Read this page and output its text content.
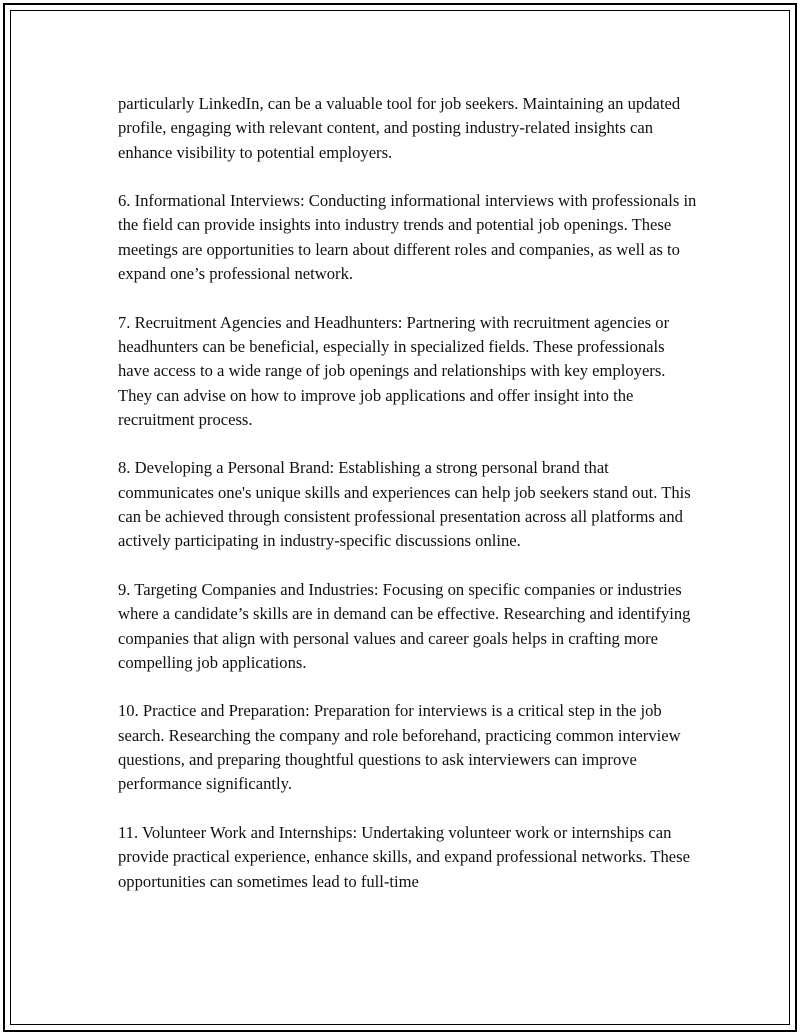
particularly LinkedIn, can be a valuable tool for job seekers. Maintaining an updated profile, engaging with relevant content, and posting industry-related insights can enhance visibility to potential employers.

6. Informational Interviews: Conducting informational interviews with professionals in the field can provide insights into industry trends and potential job openings. These meetings are opportunities to learn about different roles and companies, as well as to expand one’s professional network.

7. Recruitment Agencies and Headhunters: Partnering with recruitment agencies or headhunters can be beneficial, especially in specialized fields. These professionals have access to a wide range of job openings and relationships with key employers. They can advise on how to improve job applications and offer insight into the recruitment process.

8. Developing a Personal Brand: Establishing a strong personal brand that communicates one's unique skills and experiences can help job seekers stand out. This can be achieved through consistent professional presentation across all platforms and actively participating in industry-specific discussions online.

9. Targeting Companies and Industries: Focusing on specific companies or industries where a candidate’s skills are in demand can be effective. Researching and identifying companies that align with personal values and career goals helps in crafting more compelling job applications.

10. Practice and Preparation: Preparation for interviews is a critical step in the job search. Researching the company and role beforehand, practicing common interview questions, and preparing thoughtful questions to ask interviewers can improve performance significantly.

11. Volunteer Work and Internships: Undertaking volunteer work or internships can provide practical experience, enhance skills, and expand professional networks. These opportunities can sometimes lead to full-time
